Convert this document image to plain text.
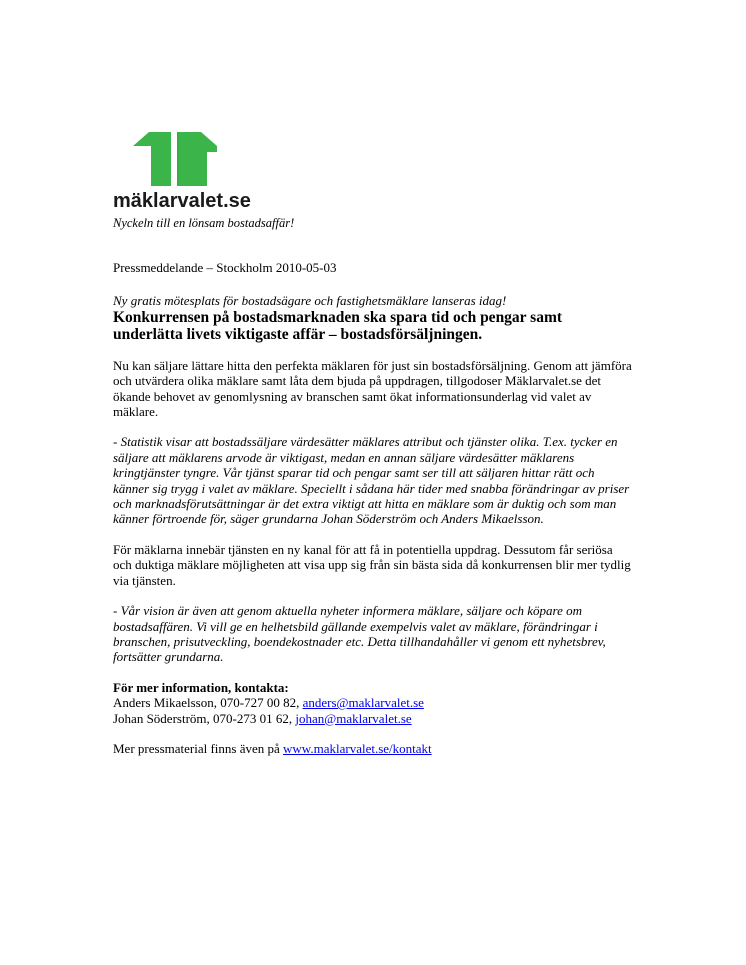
mäklarvalet.se
Nyckeln till en lönsam bostadsaffär!

Pressmeddelande – Stockholm 2010-05-03

Ny gratis mötesplats för bostadsägare och fastighetsmäklare lanseras idag!

Konkurrensen på bostadsmarknaden ska spara tid och pengar samt underlätta livets viktigaste affär – bostadsförsäljningen.

Nu kan säljare lättare hitta den perfekta mäklaren för just sin bostadsförsäljning. Genom att jämföra och utvärdera olika mäklare samt låta dem bjuda på uppdragen, tillgodoser Mäklarvalet.se det ökande behovet av genomlysning av branschen samt ökat informationsunderlag vid valet av mäklare.

- Statistik visar att bostadssäljare värdesätter mäklares attribut och tjänster olika. T.ex. tycker en säljare att mäklarens arvode är viktigast, medan en annan säljare värdesätter mäklarens kringtjänster tyngre. Vår tjänst sparar tid och pengar samt ser till att säljaren hittar rätt och känner sig trygg i valet av mäklare. Speciellt i sådana här tider med snabba förändringar av priser och marknadsförutsättningar är det extra viktigt att hitta en mäklare som är duktig och som man känner förtroende för, säger grundarna Johan Söderström och Anders Mikaelsson.

För mäklarna innebär tjänsten en ny kanal för att få in potentiella uppdrag. Dessutom får seriösa och duktiga mäklare möjligheten att visa upp sig från sin bästa sida då konkurrensen blir mer tydlig via tjänsten.

- Vår vision är även att genom aktuella nyheter informera mäklare, säljare och köpare om bostadsaffären. Vi vill ge en helhetsbild gällande exempelvis valet av mäklare, förändringar i branschen, prisutveckling, boendekostnader etc. Detta tillhandahåller vi genom ett nyhetsbrev, fortsätter grundarna.

För mer information, kontakta:

Anders Mikaelsson, 070-727 00 82, anders@maklarvalet.se

Johan Söderström, 070-273 01 62, johan@maklarvalet.se

Mer pressmaterial finns även på www.maklarvalet.se/kontakt
